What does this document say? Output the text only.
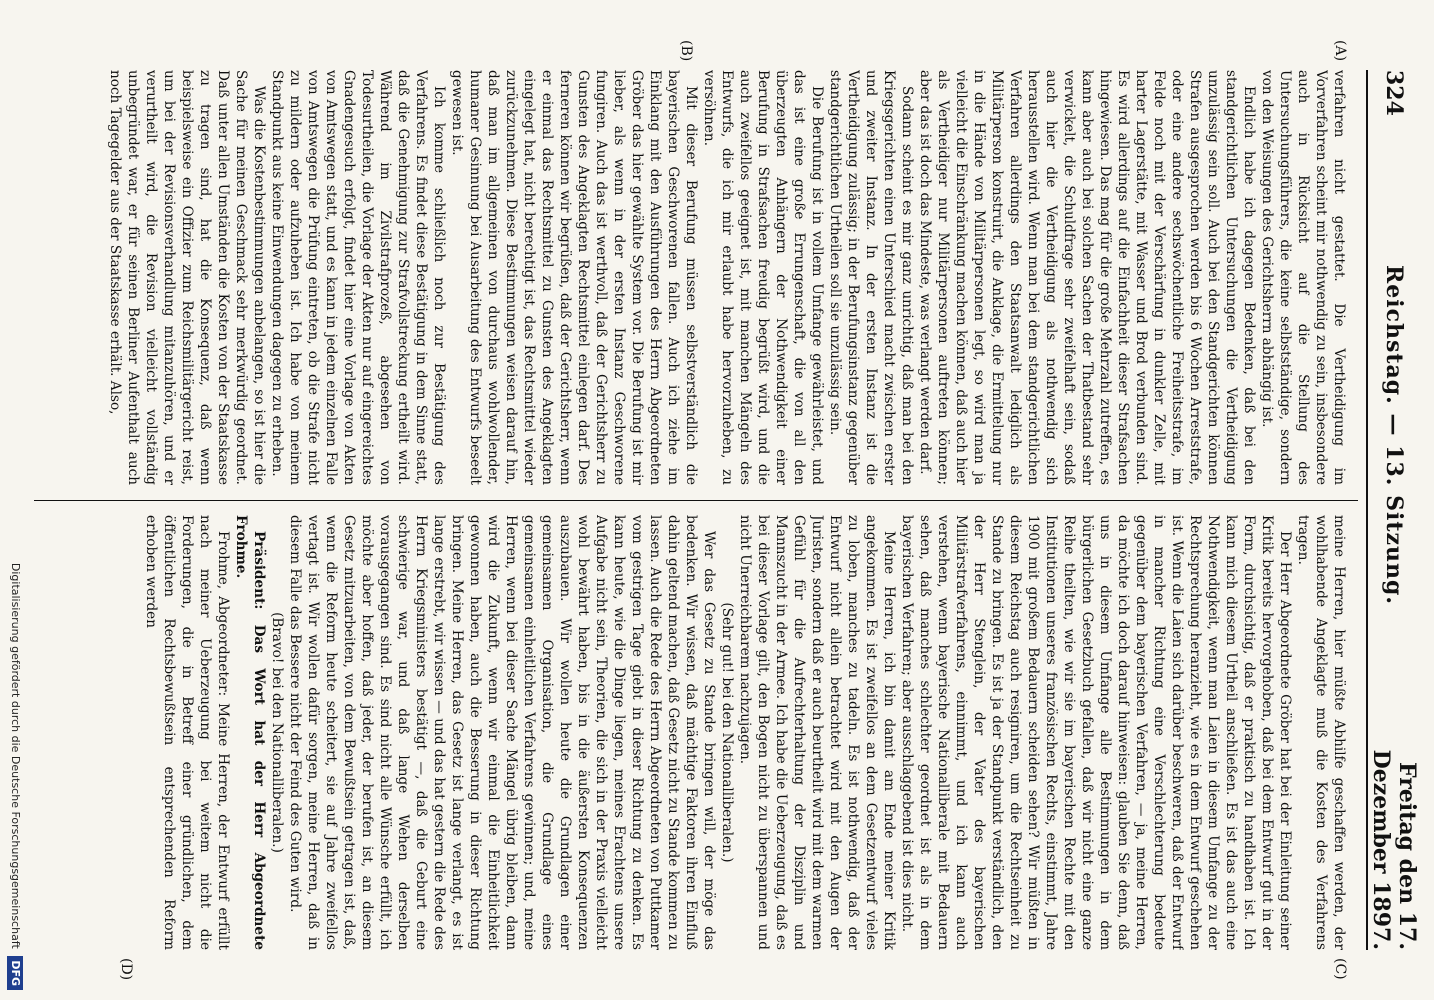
324
Reichstag. — 13. Sitzung.
Freitag den 17. Dezember 1897.
(A)
(B)
(C)
(D)

verfahren nicht gestattet. Die Vertheidigung im Vorverfahren scheint mir nothwendig zu sein, insbesondere auch in Rücksicht auf die Stellung des Untersuchungsführers, die keine selbstständige, sondern von den Weisungen des Gerichtsherrn abhängig ist.

Endlich habe ich dagegen Bedenken, daß bei den standgerichtlichen Untersuchungen die Vertheidigung unzulässig sein soll. Auch bei den Standgerichten können Strafen ausgesprochen werden bis 6 Wochen Arreststrafe, oder eine andere sechswöchentliche Freiheitsstrafe, im Felde noch mit der Verschärfung in dunkler Zelle, mit harter Lagerstätte, mit Wasser und Brod verbunden sind. Es wird allerdings auf die Einfachheit dieser Strafsachen hingewiesen. Das mag für die große Mehrzahl zutreffen, es kann aber auch bei solchen Sachen der Thatbestand sehr verwickelt, die Schuldfrage sehr zweifelhaft sein, sodaß auch hier die Vertheidigung als nothwendig sich herausstellen wird. Wenn man bei dem standgerichtlichen Verfahren allerdings den Staatsanwalt lediglich als Militärperson konstruirt, die Anklage, die Ermittelung nur in die Hände von Militärpersonen legt, so wird man ja vielleicht die Einschränkung machen können, daß auch hier als Vertheidiger nur Militärpersonen auftreten können; aber das ist doch das Mindeste, was verlangt werden darf.

Sodann scheint es mir ganz unrichtig, daß man bei den Kriegsgerichten einen Unterschied macht zwischen erster und zweiter Instanz. In der ersten Instanz ist die Vertheidigung zulässig; in der Berufungsinstanz gegenüber standgerichtlichen Urtheilen soll sie unzulässig sein.

Die Berufung ist in vollem Umfange gewährleistet, und das ist eine große Errungenschaft, die von all den überzeugten Anhängern der Nothwendigkeit einer Berufung in Strafsachen freudig begrüßt wird, und die auch zweifellos geeignet ist, mit manchen Mängeln des Entwurfs, die ich mir erlaubt habe hervorzuheben, zu versöhnen.

Mit dieser Berufung müssen selbstverständlich die bayerischen Geschworenen fallen. Auch ich ziehe im Einklang mit den Ausführungen des Herrn Abgeordneten Gröber das hier gewählte System vor. Die Berufung ist mir lieber, als wenn in der ersten Instanz Geschworene fungiren. Auch das ist werthvoll, daß der Gerichtsherr zu Gunsten des Angeklagten Rechtsmittel einlegen darf. Des ferneren können wir begrüßen, daß der Gerichtsherr, wenn er einmal das Rechtsmittel zu Gunsten des Angeklagten eingelegt hat, nicht berechtigt ist, das Rechtsmittel wieder zurückzunehmen. Diese Bestimmungen weisen darauf hin, daß man im allgemeinen von durchaus wohlwollender, humaner Gesinnung bei Ausarbeitung des Entwurfs beseelt gewesen ist.

Ich komme schließlich noch zur Bestätigung des Verfahrens. Es findet diese Bestätigung in dem Sinne statt, daß die Genehmigung zur Strafvollstreckung ertheilt wird. Während im Zivilstrafprozeß, abgesehen von Todesurtheilen, die Vorlage der Akten nur auf eingereichtes Gnadengesuch erfolgt, findet hier eine Vorlage von Akten von Amtswegen statt, und es kann in jedem einzelnen Falle von Amtswegen die Prüfung eintreten, ob die Strafe nicht zu mildern oder aufzuheben ist. Ich habe von meinem Standpunkt aus keine Einwendungen dagegen zu erheben.

Was die Kostenbestimmungen anbelangen, so ist hier die Sache für meinen Geschmack sehr merkwürdig geordnet. Daß unter allen Umständen die Kosten von der Staatskasse zu tragen sind, hat die Konsequenz, daß wenn beispielsweise ein Offizier zum Reichsmilitärgericht reist, um bei der Revisionsverhandlung mitanzuhören, und er verurtheilt wird, die Revision vielleicht vollständig unbegründet war, er für seinen Berliner Aufenthalt auch noch Tagegelder aus der Staatskasse erhält. Also,

meine Herren, hier müßte Abhilfe geschaffen werden, der wohlhabende Angeklagte muß die Kosten des Verfahrens tragen.

Der Herr Abgeordnete Gröber hat bei der Einleitung seiner Kritik bereits hervorgehoben, daß bei dem Entwurf gut in der Form, durchsichtig, daß er praktisch zu handhaben ist. Ich kann mich diesem Urtheil anschließen. Es ist das auch eine Nothwendigkeit, wenn man Laien in diesem Umfange zu der Rechtsprechung heranzieht, wie es in dem Entwurf geschehen ist. Wenn die Laien sich darüber beschweren, daß der Entwurf in mancher Richtung eine Verschlechterung bedeute gegenüber dem bayerischen Verfahren, — ja, meine Herren, da möchte ich doch darauf hinweisen: glauben Sie denn, daß uns in diesem Umfange alle Bestimmungen in dem bürgerlichen Gesetzbuch gefallen, daß wir nicht eine ganze Reihe theilten, wie wir sie im bayerischen Rechte mit den Institutionen unseres französischen Rechts, einstimmt, Jahre 1900 mit großem Bedauern scheiden sehen? Wir müßten in diesem Reichstag auch resigniren, um die Rechtseinheit zu Stande zu bringen. Es ist ja der Standpunkt verständlich, den der Herr Stenglein, der Vater des bayerischen Militärstrafverfahrens, einnimmt, und ich kann auch verstehen, wenn bayerische Nationalliberale mit Bedauern sehen, daß manches schlechter geordnet ist als in dem bayerischen Verfahren; aber ausschlaggebend ist dies nicht.

Meine Herren, ich bin damit am Ende meiner Kritik angekommen. Es ist zweifellos an dem Gesetzentwurf vieles zu loben, manches zu tadeln. Es ist nothwendig, daß der Entwurf nicht allein betrachtet wird mit den Augen der Juristen, sondern daß er auch beurtheilt wird mit dem warmen Gefühl für die Aufrechterhaltung der Disziplin und Mannszucht in der Armee. Ich habe die Ueberzeugung, daß es bei dieser Vorlage gilt, den Bogen nicht zu überspannen und nicht Unerreichbarem nachzujagen.

(Sehr gut! bei den Nationalliberalen.)

Wer das Gesetz zu Stande bringen will, der möge das bedenken. Wir wissen, daß mächtige Faktoren ihren Einfluß dahin geltend machen, daß Gesetz nicht zu Stande kommen zu lassen. Auch die Rede des Herrn Abgeordneten von Puttkamer vom gestrigen Tage giebt in dieser Richtung zu denken. Es kann heute, wie die Dinge liegen, meines Erachtens unsere Aufgabe nicht sein, Theorien, die sich in der Praxis vielleicht wohl bewährt haben, bis in die äußersten Konsequenzen auszubauen. Wir wollen heute die Grundlagen einer gemeinsamen Organisation, die Grundlage eines gemeinsamen einheitlichen Verfahrens gewinnen; und, meine Herren, wenn bei dieser Sache Mängel übrig bleiben, dann wird die Zukunft, wenn wir einmal die Einheitlichkeit gewonnen haben, auch die Besserung in dieser Richtung bringen. Meine Herren, das Gesetz ist lange verlangt, es ist lange erstrebt, wir wissen — und das hat gestern die Rede des Herrn Kriegsministers bestätigt —, daß die Geburt eine schwierige war, und daß lange Wehen derselben vorausgegangen sind. Es sind nicht alle Wünsche erfüllt, ich möchte aber hoffen, daß jeder, der berufen ist, an diesem Gesetz mitzuarbeiten, von dem Bewußtsein getragen ist, daß, wenn die Reform heute scheitert, sie auf Jahre zweifellos vertagt ist. Wir wollen dafür sorgen, meine Herren, daß in diesem Falle das Bessere nicht der Feind des Guten wird.

(Bravo! bei den Nationalliberalen.)

Präsident: Das Wort hat der Herr Abgeordnete Frohme.

Frohme, Abgeordneter: Meine Herren, der Entwurf erfüllt nach meiner Ueberzeugung bei weitem nicht die Forderungen, die in Betreff einer gründlichen, dem öffentlichen Rechtsbewußtsein entsprechenden Reform erhoben werden

Digitalisierung gefördert durch die Deutsche Forschungsgemeinschaft DFG
